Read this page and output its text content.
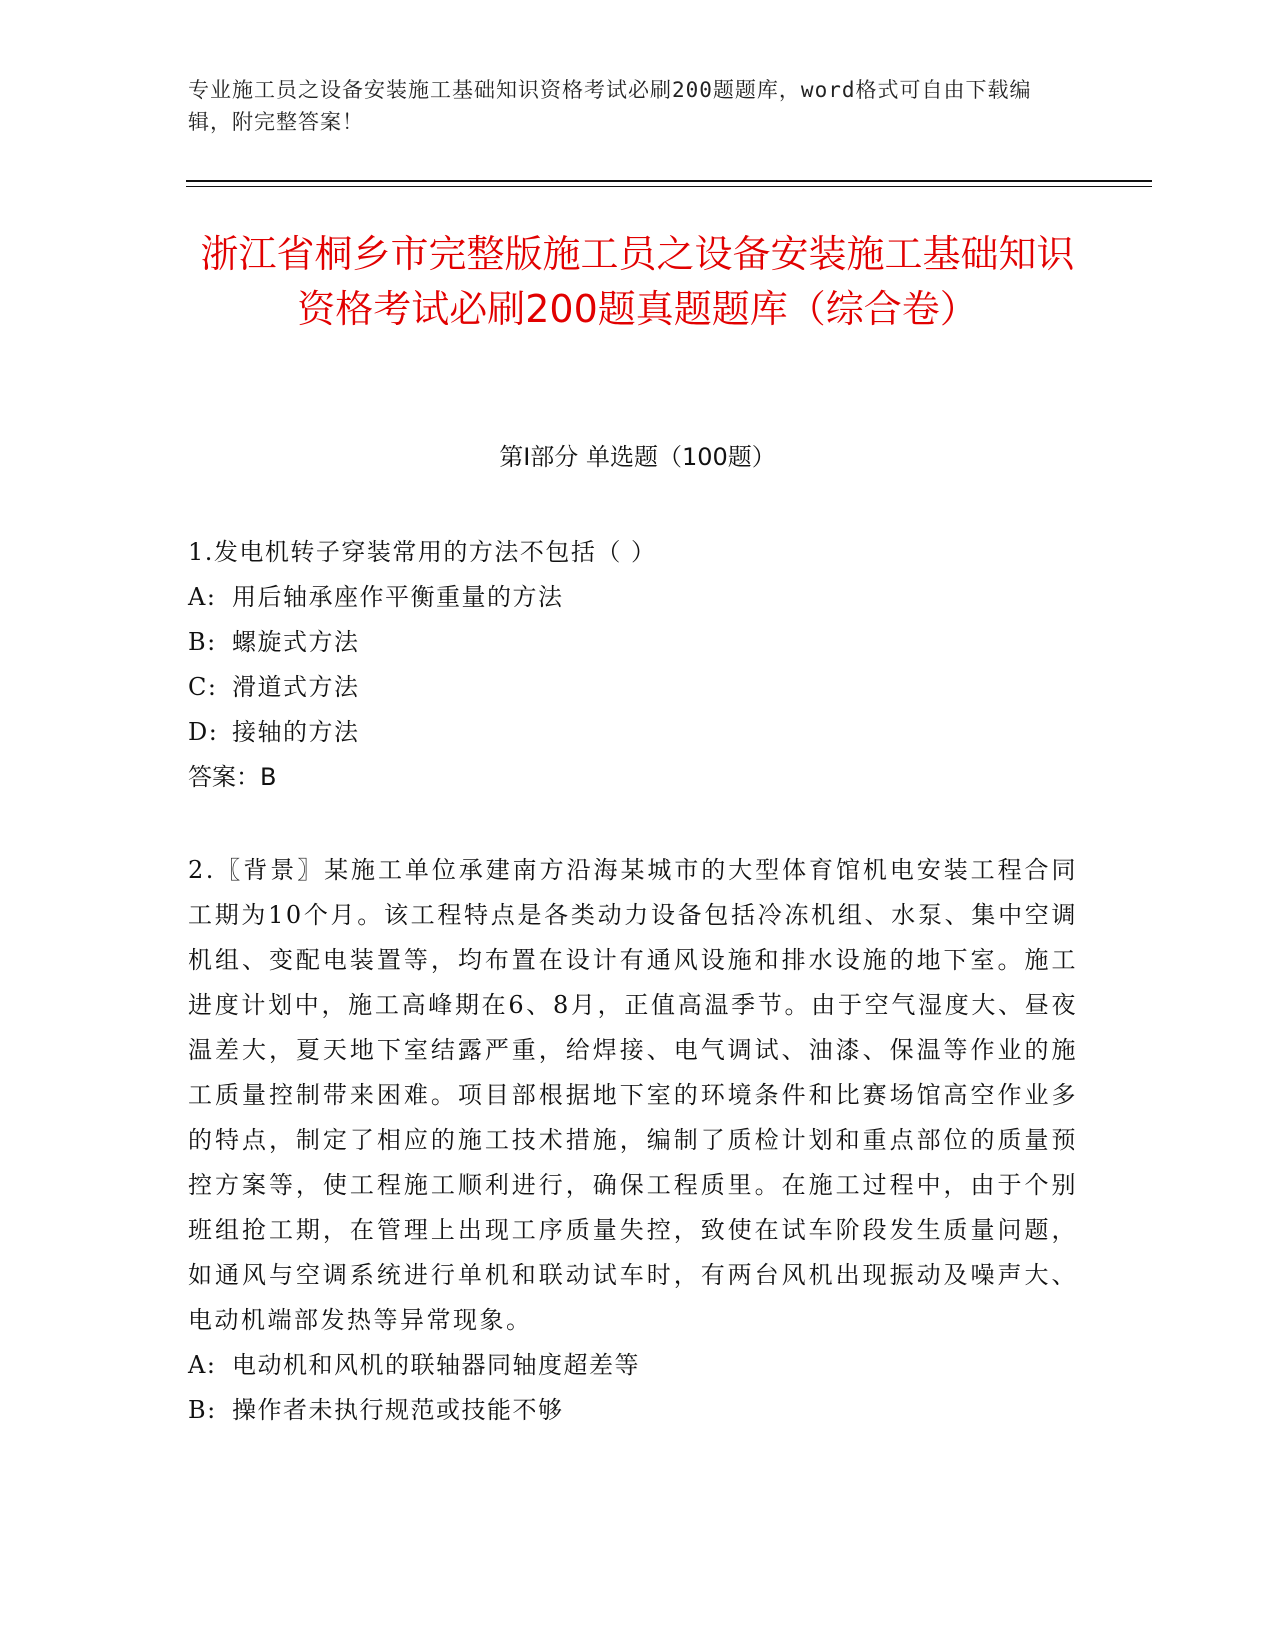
专业施工员之设备安装施工基础知识资格考试必刷200题题库，word格式可自由下载编辑，附完整答案！
浙江省桐乡市完整版施工员之设备安装施工基础知识资格考试必刷200题真题题库（综合卷）
第I部分 单选题（100题）
1.发电机转子穿装常用的方法不包括（ ）
A: 用后轴承座作平衡重量的方法
B: 螺旋式方法
C: 滑道式方法
D: 接轴的方法
答案：B
2.〖背景〗某施工单位承建南方沿海某城市的大型体育馆机电安装工程合同工期为10个月。该工程特点是各类动力设备包括冷冻机组、水泵、集中空调机组、变配电装置等，均布置在设计有通风设施和排水设施的地下室。施工进度计划中，施工高峰期在6、8月，正值高温季节。由于空气湿度大、昼夜温差大，夏天地下室结露严重，给焊接、电气调试、油漆、保温等作业的施工质量控制带来困难。项目部根据地下室的环境条件和比赛场馆高空作业多的特点，制定了相应的施工技术措施，编制了质检计划和重点部位的质量预控方案等，使工程施工顺利进行，确保工程质里。在施工过程中，由于个别班组抢工期，在管理上出现工序质量失控，致使在试车阶段发生质量问题，如通风与空调系统进行单机和联动试车时，有两台风机出现振动及噪声大、电动机端部发热等异常现象。
A: 电动机和风机的联轴器同轴度超差等
B: 操作者未执行规范或技能不够
